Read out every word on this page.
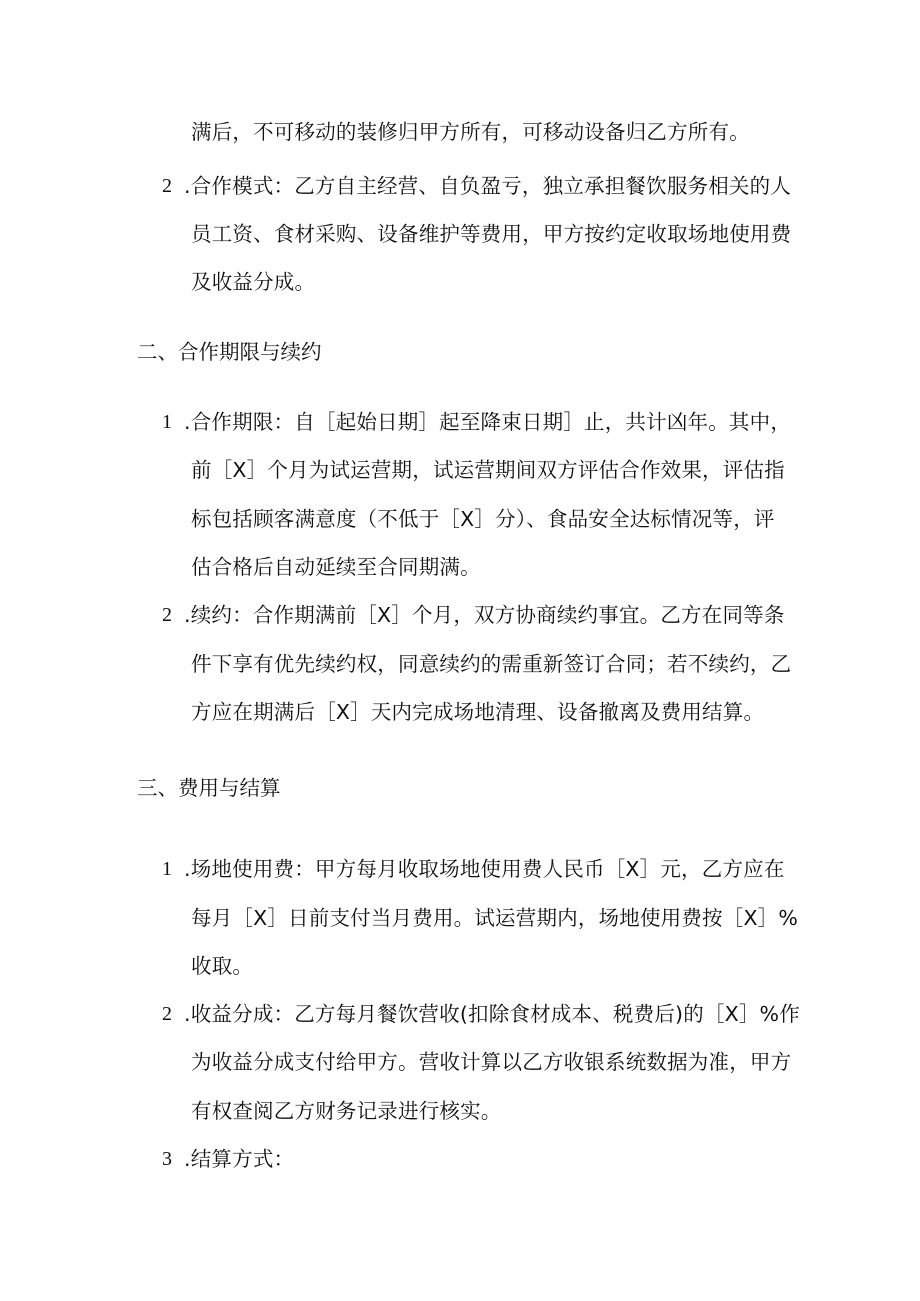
满后，不可移动的装修归甲方所有，可移动设备归乙方所有。
2 .合作模式：乙方自主经营、自负盈亏，独立承担餐饮服务相关的人
员工资、食材采购、设备维护等费用，甲方按约定收取场地使用费
及收益分成。
二、合作期限与续约
1 .合作期限：自［起始日期］起至降束日期］止，共计凶年。其中，
前［X］个月为试运营期，试运营期间双方评估合作效果，评估指
标包括顾客满意度（不低于［X］分）、食品安全达标情况等，评
估合格后自动延续至合同期满。
2 .续约：合作期满前［X］个月，双方协商续约事宜。乙方在同等条
件下享有优先续约权，同意续约的需重新签订合同；若不续约，乙
方应在期满后［X］天内完成场地清理、设备撤离及费用结算。
三、费用与结算
1 .场地使用费：甲方每月收取场地使用费人民币［X］元，乙方应在
每月［X］日前支付当月费用。试运营期内，场地使用费按［X］%
收取。
2 .收益分成：乙方每月餐饮营收(扣除食材成本、税费后)的［X］%作
为收益分成支付给甲方。营收计算以乙方收银系统数据为准，甲方
有权查阅乙方财务记录进行核实。
3 .结算方式：
